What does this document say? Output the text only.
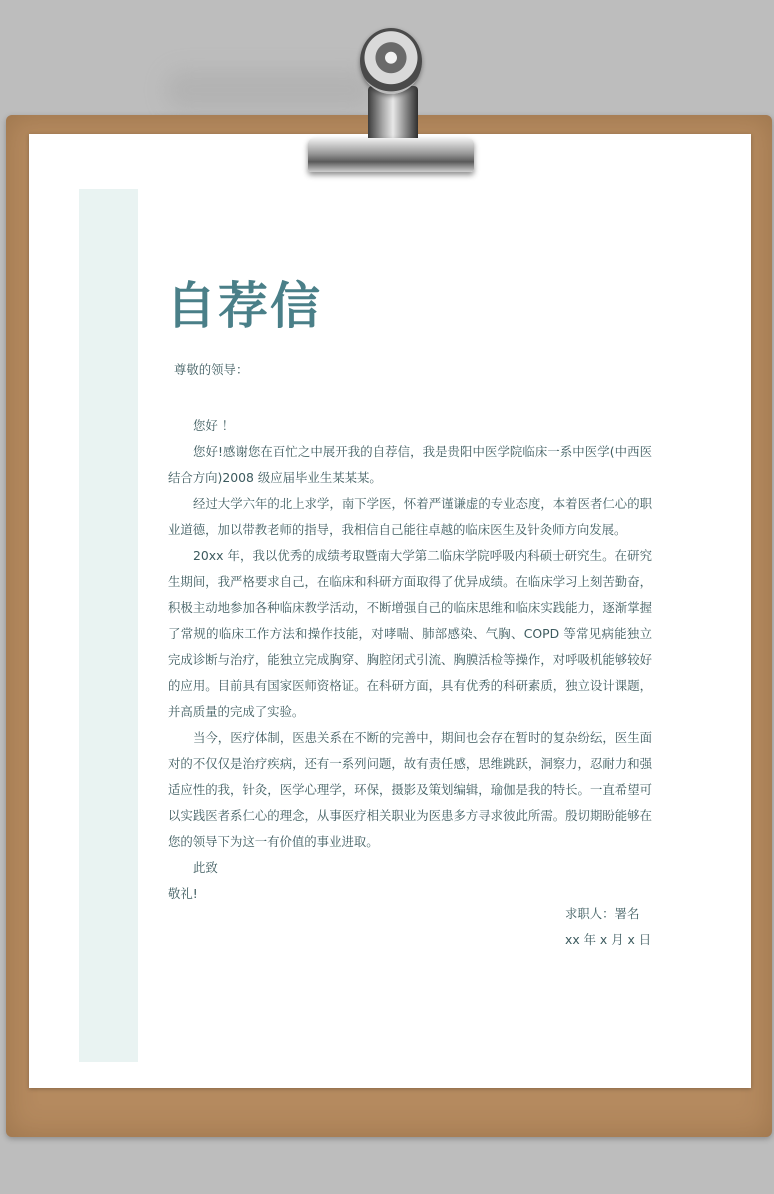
自荐信

尊敬的领导：

您好 ！

您好!感谢您在百忙之中展开我的自荐信，我是贵阳中医学院临床一系中医学(中西医结合方向)2008 级应届毕业生某某某。

经过大学六年的北上求学，南下学医，怀着严谨谦虚的专业态度，本着医者仁心的职业道德，加以带教老师的指导，我相信自己能往卓越的临床医生及针灸师方向发展。

20xx 年，我以优秀的成绩考取暨南大学第二临床学院呼吸内科硕士研究生。在研究生期间，我严格要求自己，在临床和科研方面取得了优异成绩。在临床学习上刻苦勤奋，积极主动地参加各种临床教学活动，不断增强自己的临床思维和临床实践能力，逐渐掌握了常规的临床工作方法和操作技能，对哮喘、肺部感染、气胸、COPD 等常见病能独立完成诊断与治疗，能独立完成胸穿、胸腔闭式引流、胸膜活检等操作，对呼吸机能够较好的应用。目前具有国家医师资格证。在科研方面，具有优秀的科研素质，独立设计课题，并高质量的完成了实验。

当今，医疗体制，医患关系在不断的完善中，期间也会存在暂时的复杂纷纭，医生面对的不仅仅是治疗疾病，还有一系列问题，故有责任感，思维跳跃，洞察力，忍耐力和强适应性的我，针灸，医学心理学，环保，摄影及策划编辑，瑜伽是我的特长。一直希望可以实践医者系仁心的理念，从事医疗相关职业为医患多方寻求彼此所需。殷切期盼能够在您的领导下为这一有价值的事业进取。

此致

敬礼!

求职人：署名

xx 年 x 月 x 日
